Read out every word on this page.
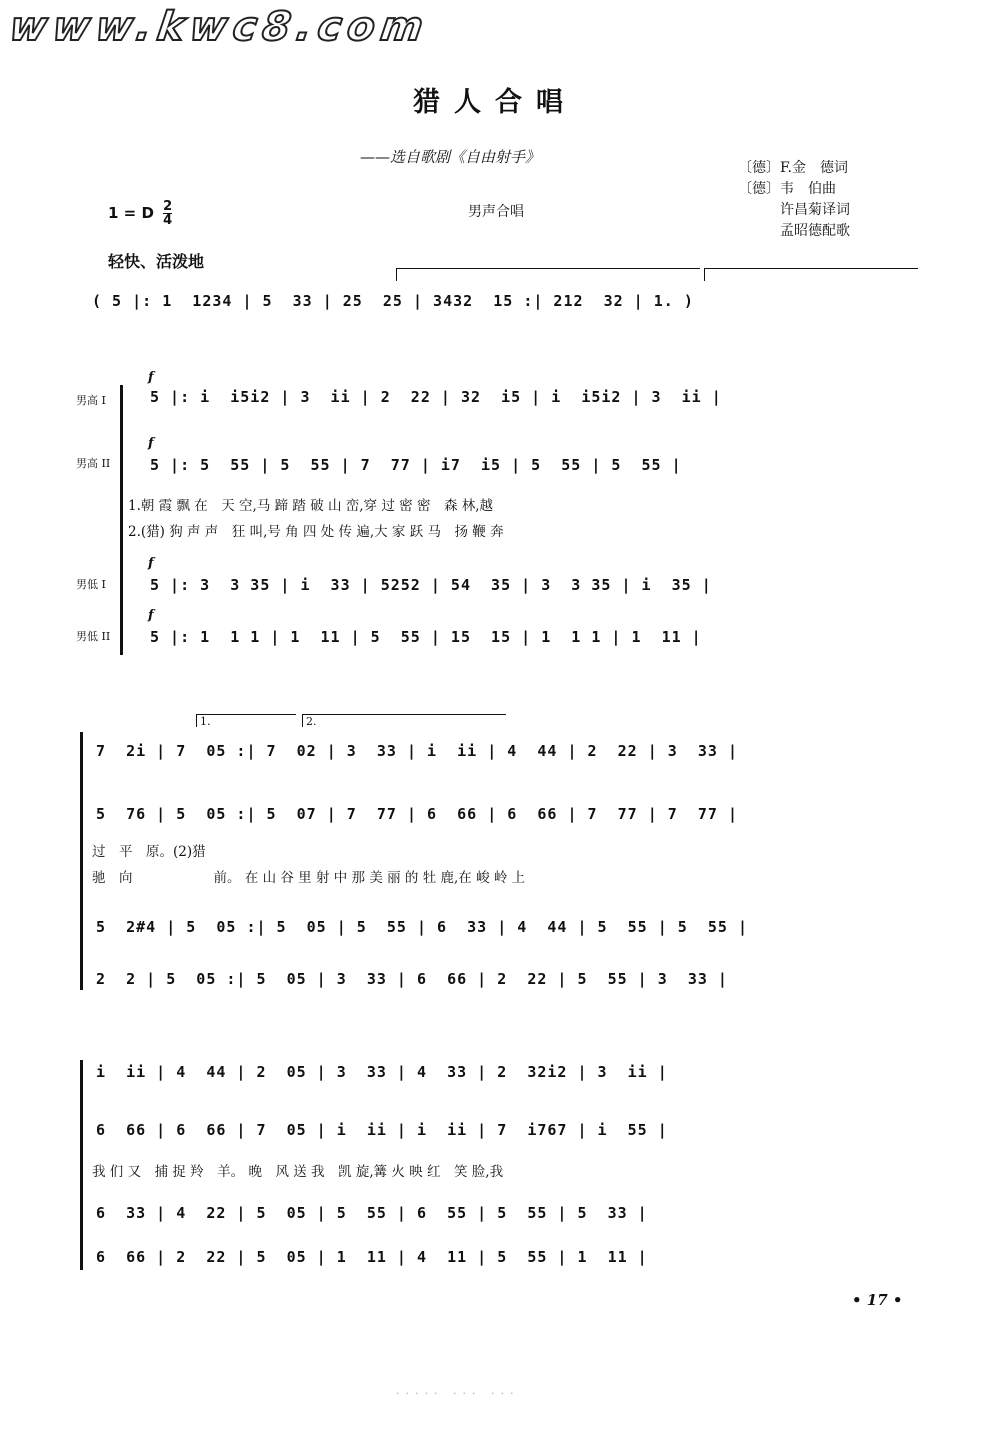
www.kwc8.com
猎人合唱
——选自歌剧《自由射手》
〔德〕F.金　德词
〔德〕韦　伯曲
　　　许昌菊译词
　　　孟昭德配歌
1 = D $\frac{2}{4}$	男声合唱
轻快、活泼地
( 5 |: 1  1234 | 5  33 | 25  25 | 3432  15 :| 212  32 | 1. )
男高 I
男高 II
男低 I
男低 II
f
f
f
f
5 |: i  i5i2 | 3  ii | 2  22 | 32  i5 | i  i5i2 | 3  ii |
5 |: 5  55 | 5  55 | 7  77 | i7  i5 | 5  55 | 5  55 |
1.朝 霞 飘 在　天 空,马 蹄 踏 破 山 峦,穿 过 密 密　森 林,越
2.(猎) 狗 声 声　狂 叫,号 角 四 处 传 遍,大 家 跃 马　扬 鞭 奔
5 |: 3  3 35 | i  33 | 5252 | 54  35 | 3  3 35 | i  35 |
5 |: 1  1 1 | 1  11 | 5  55 | 15  15 | 1  1 1 | 1  11 |
1.	2.
7  2i | 7  05 :| 7  02 | 3  33 | i  ii | 4  44 | 2  22 | 3  33 |
5  76 | 5  05 :| 5  07 | 7  77 | 6  66 | 6  66 | 7  77 | 7  77 |
过　平　原。(2)猎
驰　向　　　　　　前。 在 山 谷 里 射 中 那 美 丽 的 牡 鹿,在 峻 岭 上
5  2#4 | 5  05 :| 5  05 | 5  55 | 6  33 | 4  44 | 5  55 | 5  55 |
2  2 | 5  05 :| 5  05 | 3  33 | 6  66 | 2  22 | 5  55 | 3  33 |
i  ii | 4  44 | 2  05 | 3  33 | 4  33 | 2  32i2 | 3  ii |
6  66 | 6  66 | 7  05 | i  ii | i  ii | 7  i767 | i  55 |
我 们 又　捕 捉 羚　羊。 晚　风 送 我　凯 旋,篝 火 映 红　笑 脸,我
6  33 | 4  22 | 5  05 | 5  55 | 6  55 | 5  55 | 5  33 |
6  66 | 2  22 | 5  05 | 1  11 | 4  11 | 5  55 | 1  11 |
• 17 •
..... ... ...
